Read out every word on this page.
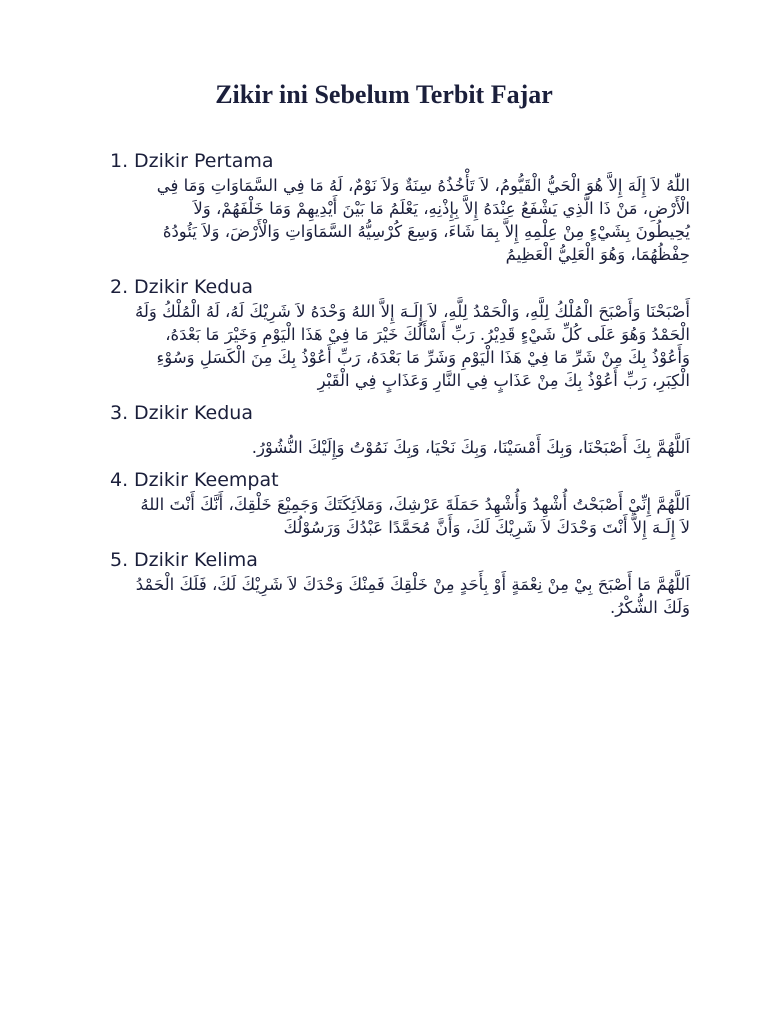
Zikir ini Sebelum Terbit Fajar
1. Dzikir Pertama
اللّٰهُ لاَ إِلَهَ إِلاَّ هُوَ الْحَيُّ الْقَيُّومُ، لاَ تَأْخُذُهُ سِنَةٌ وَلاَ نَوْمٌ، لَهُ مَا فِي السَّمَاوَاتِ وَمَا فِي الْأَرْضِ، مَنْ ذَا الَّذِي يَشْفَعُ عِنْدَهُ إِلاَّ بِإِذْنِهِ، يَعْلَمُ مَا بَيْنَ أَيْدِيهِمْ وَمَا خَلْفَهُمْ، وَلاَ يُحِيطُونَ بِشَيْءٍ مِنْ عِلْمِهِ إِلاَّ بِمَا شَاءَ، وَسِعَ كُرْسِيُّهُ السَّمَاوَاتِ وَالْأَرْضَ، وَلاَ يَئُودُهُ حِفْظُهُمَا، وَهُوَ الْعَلِيُّ الْعَظِيمُ
2. Dzikir Kedua
أَصْبَحْنَا وَأَصْبَحَ الْمُلْكُ لِلَّهِ، وَالْحَمْدُ لِلَّهِ، لاَ إِلَـهَ إِلاَّ اللهُ وَحْدَهُ لاَ شَرِيْكَ لَهُ، لَهُ الْمُلْكُ وَلَهُ الْحَمْدُ وَهُوَ عَلَى كُلِّ شَيْءٍ قَدِيْرُ. رَبِّ أَسْأَلُكَ خَيْرَ مَا فِيْ هَذَا الْيَوْمِ وَخَيْرَ مَا بَعْدَهُ، وَأَعُوْذُ بِكَ مِنْ شَرِّ مَا فِيْ هَذَا الْيَوْمِ وَشَرِّ مَا بَعْدَهُ، رَبِّ أَعُوْذُ بِكَ مِنَ الْكَسَلِ وَسُوْءِ الْكِبَرِ، رَبِّ أَعُوْذُ بِكَ مِنْ عَذَابٍ فِي النَّارِ وَعَذَابٍ فِي الْقَبْرِ
3. Dzikir Kedua
اَللَّهُمَّ بِكَ أَصْبَحْنَا، وَبِكَ أَمْسَيْنَا، وَبِكَ نَحْيَا، وَبِكَ نَمُوْتُ وَإِلَيْكَ النُّشُوْرُ.
4. Dzikir Keempat
اَللَّهُمَّ إِنِّيْ أَصْبَحْتُ أُشْهِدُ وَأُشْهِدُ حَمَلَةَ عَرْشِكَ، وَمَلاَئِكَتَكَ وَجَمِيْعَ خَلْقِكَ، أَنَّكَ أَنْتَ اللهُ لاَ إِلَـهَ إِلاَّ أَنْتَ وَحْدَكَ لاَ شَرِيْكَ لَكَ، وَأَنَّ مُحَمَّدًا عَبْدُكَ وَرَسُوْلُكَ
5. Dzikir Kelima
اَللَّهُمَّ مَا أَصْبَحَ بِيْ مِنْ نِعْمَةٍ أَوْ بِأَحَدٍ مِنْ خَلْقِكَ فَمِنْكَ وَحْدَكَ لاَ شَرِيْكَ لَكَ، فَلَكَ الْحَمْدُ وَلَكَ الشُّكْرُ.
